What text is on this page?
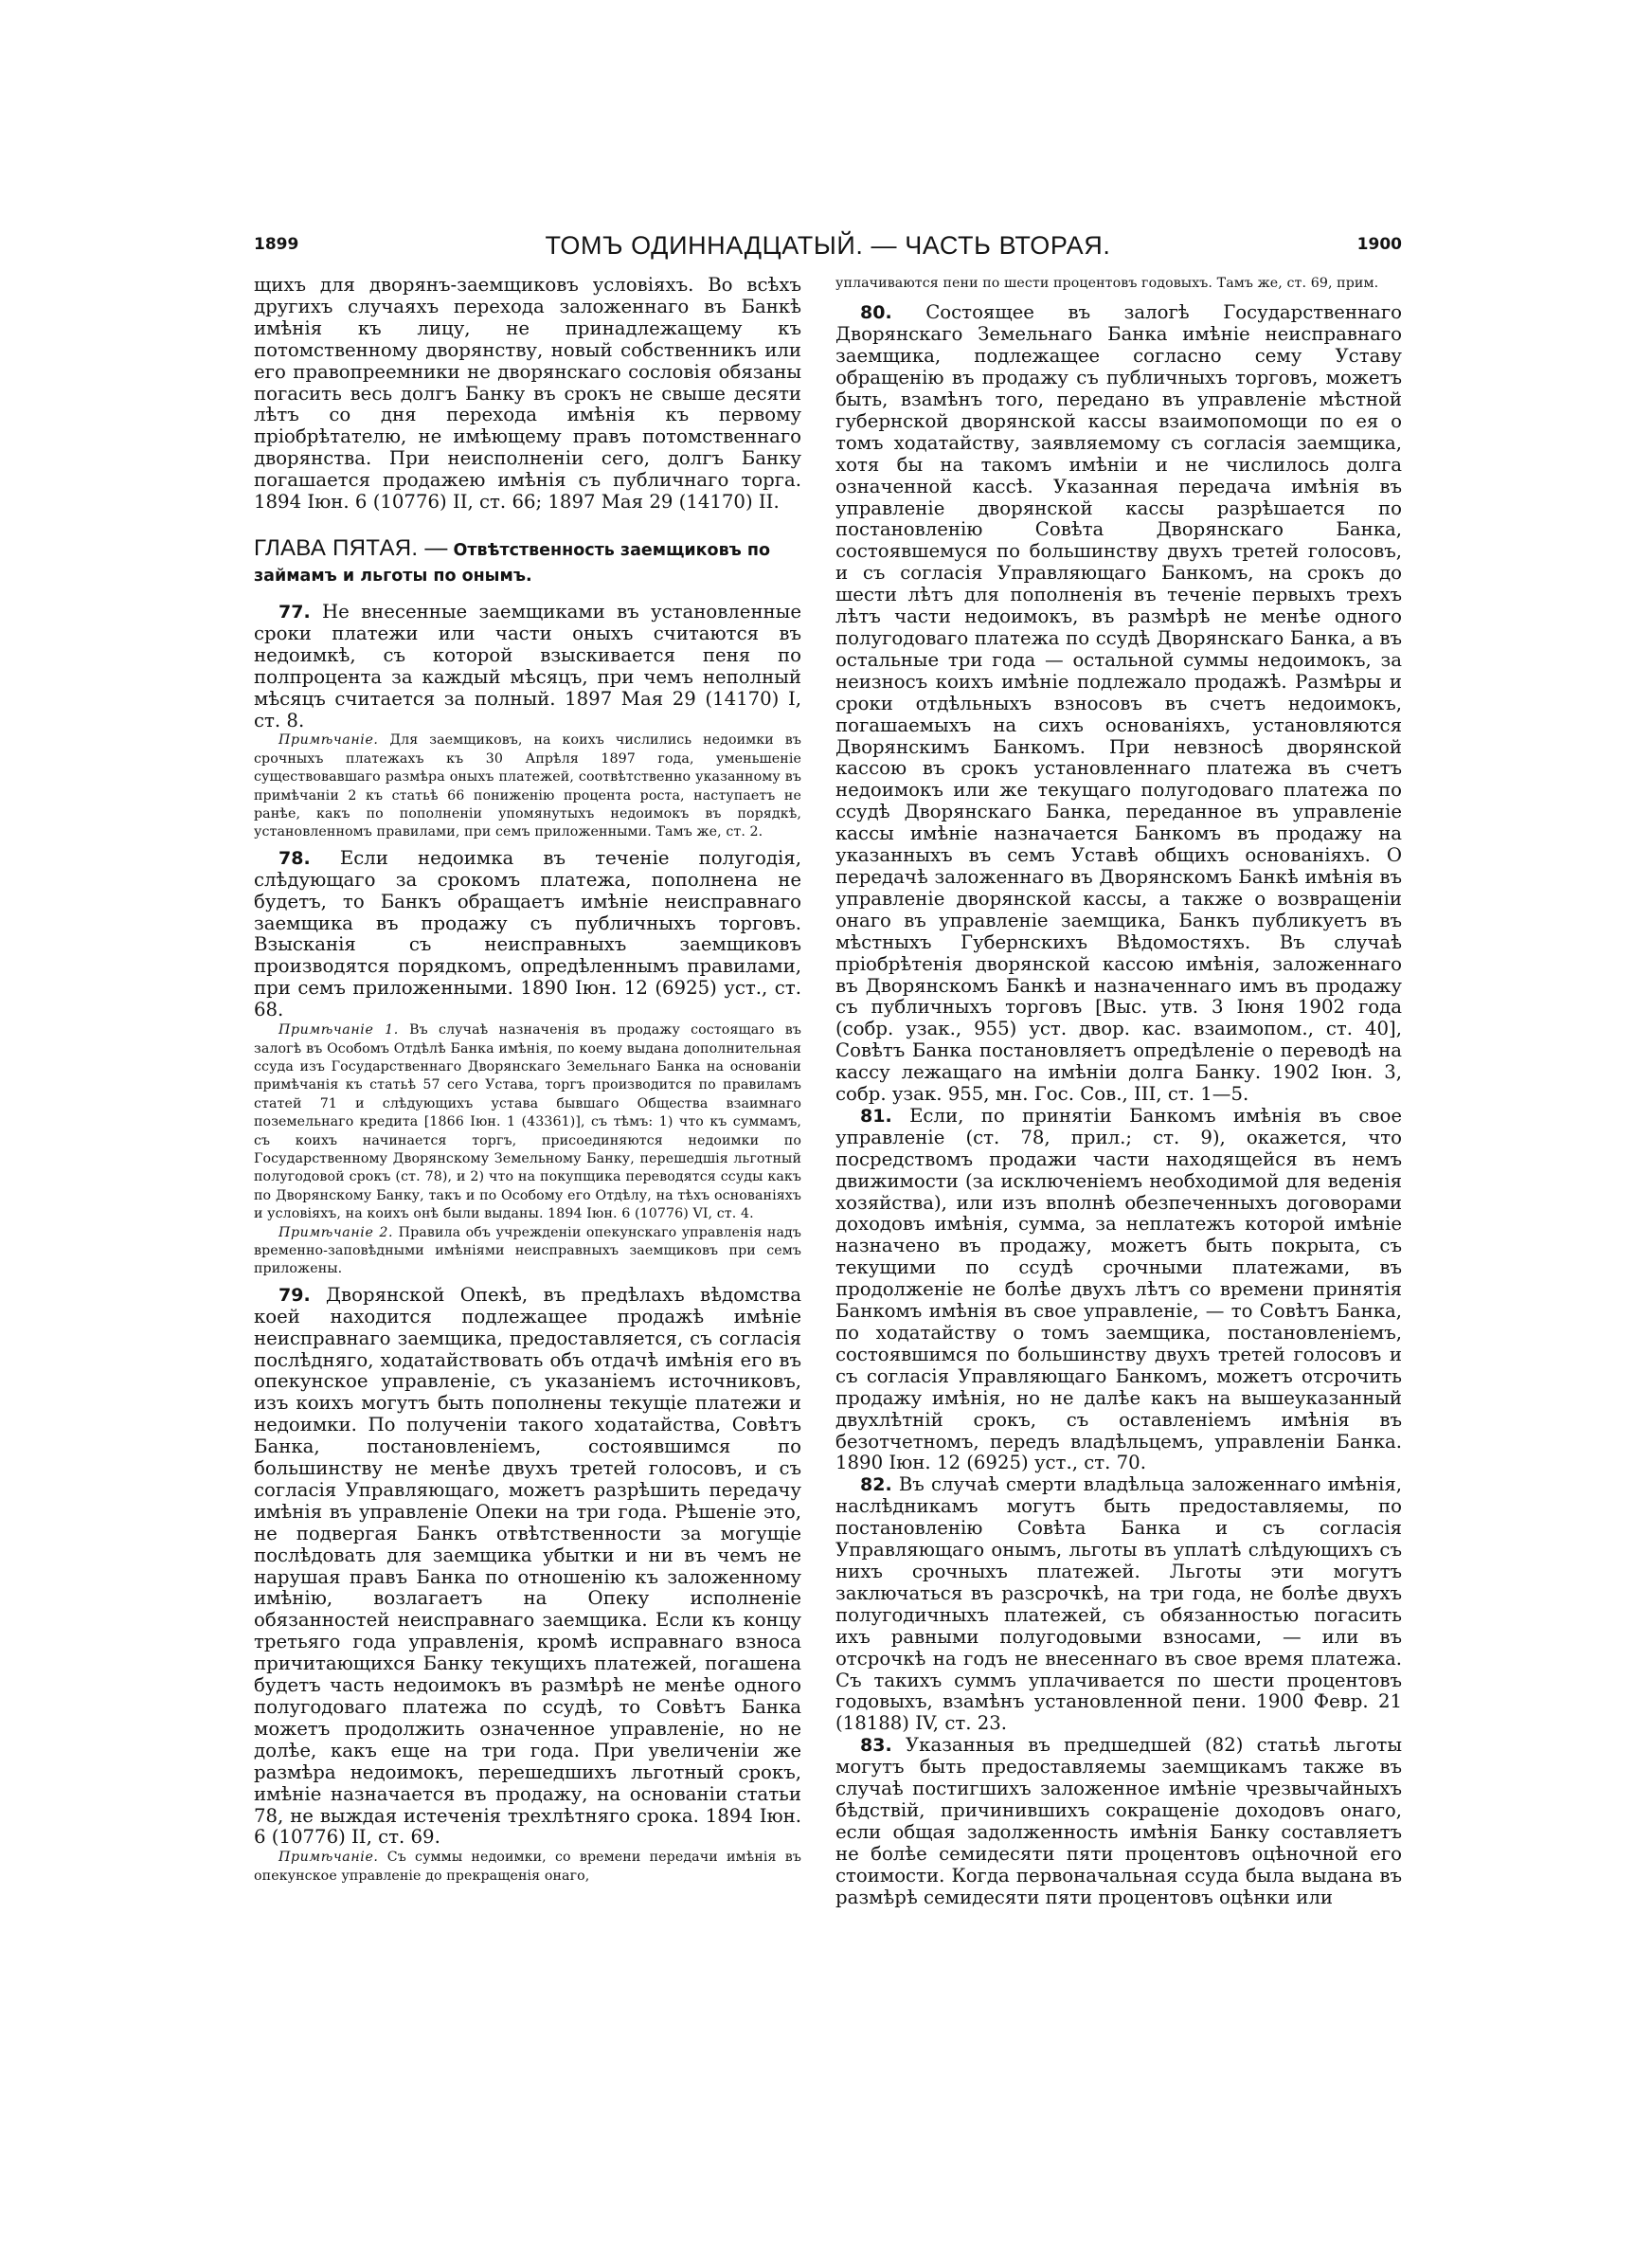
1899	ТОМЪ ОДИННАДЦАТЫЙ. — ЧАСТЬ ВТОРАЯ.	1900

щихъ для дворянъ-заемщиковъ условіяхъ. Во всѣхъ другихъ случаяхъ перехода заложеннаго въ Банкѣ имѣнія къ лицу, не принадлежащему къ потомственному дворянству, новый собственникъ или его правопреемники не дворянскаго сословія обязаны погасить весь долгъ Банку въ срокъ не свыше десяти лѣтъ со дня перехода имѣнія къ первому пріобрѣтателю, не имѣющему правъ потомственнаго дворянства. При неисполненіи сего, долгъ Банку погашается продажею имѣнія съ публичнаго торга. 1894 Іюн. 6 (10776) II, ст. 66; 1897 Мая 29 (14170) II.

ГЛАВА ПЯТАЯ. — Отвѣтственность заемщиковъ по займамъ и льготы по онымъ.

77. Не внесенные заемщиками въ установленные сроки платежи или части оныхъ считаются въ недоимкѣ, съ которой взыскивается пеня по полпроцента за каждый мѣсяцъ, при чемъ неполный мѣсяцъ считается за полный. 1897 Мая 29 (14170) I, ст. 8.

Примѣчаніе. Для заемщиковъ, на коихъ числились недоимки въ срочныхъ платежахъ къ 30 Апрѣля 1897 года, уменьшеніе существовавшаго размѣра оныхъ платежей, соотвѣтственно указанному въ примѣчаніи 2 къ статьѣ 66 пониженію процента роста, наступаетъ не ранѣе, какъ по пополненіи упомянутыхъ недоимокъ въ порядкѣ, установленномъ правилами, при семъ приложенными. Тамъ же, ст. 2.

78. Если недоимка въ теченіе полугодія, слѣдующаго за срокомъ платежа, пополнена не будетъ, то Банкъ обращаетъ имѣніе неисправнаго заемщика въ продажу съ публичныхъ торговъ. Взысканія съ неисправныхъ заемщиковъ производятся порядкомъ, опредѣленнымъ правилами, при семъ приложенными. 1890 Іюн. 12 (6925) уст., ст. 68.

Примѣчаніе 1. Въ случаѣ назначенія въ продажу состоящаго въ залогѣ въ Особомъ Отдѣлѣ Банка имѣнія, по коему выдана дополнительная ссуда изъ Государственнаго Дворянскаго Земельнаго Банка на основаніи примѣчанія къ статьѣ 57 сего Устава, торгъ производится по правиламъ статей 71 и слѣдующихъ устава бывшаго Общества взаимнаго поземельнаго кредита [1866 Іюн. 1 (43361)], съ тѣмъ: 1) что къ суммамъ, съ коихъ начинается торгъ, присоединяются недоимки по Государственному Дворянскому Земельному Банку, перешедшія льготный полугодовой срокъ (ст. 78), и 2) что на покупщика переводятся ссуды какъ по Дворянскому Банку, такъ и по Особому его Отдѣлу, на тѣхъ основаніяхъ и условіяхъ, на коихъ онѣ были выданы. 1894 Іюн. 6 (10776) VI, ст. 4.

Примѣчаніе 2. Правила объ учрежденіи опекунскаго управленія надъ временно-заповѣдными имѣніями неисправныхъ заемщиковъ при семъ приложены.

79. Дворянской Опекѣ, въ предѣлахъ вѣдомства коей находится подлежащее продажѣ имѣніе неисправнаго заемщика, предоставляется, съ согласія послѣдняго, ходатайствовать объ отдачѣ имѣнія его въ опекунское управленіе, съ указаніемъ источниковъ, изъ коихъ могутъ быть пополнены текущіе платежи и недоимки. По полученіи такого ходатайства, Совѣтъ Банка, постановленіемъ, состоявшимся по большинству не менѣе двухъ третей голосовъ, и съ согласія Управляющаго, можетъ разрѣшить передачу имѣнія въ управленіе Опеки на три года. Рѣшеніе это, не подвергая Банкъ отвѣтственности за могущіе послѣдовать для заемщика убытки и ни въ чемъ не нарушая правъ Банка по отношенію къ заложенному имѣнію, возлагаетъ на Опеку исполненіе обязанностей неисправнаго заемщика. Если къ концу третьяго года управленія, кромѣ исправнаго взноса причитающихся Банку текущихъ платежей, погашена будетъ часть недоимокъ въ размѣрѣ не менѣе одного полугодоваго платежа по ссудѣ, то Совѣтъ Банка можетъ продолжить означенное управленіе, но не долѣе, какъ еще на три года. При увеличеніи же размѣра недоимокъ, перешедшихъ льготный срокъ, имѣніе назначается въ продажу, на основаніи статьи 78, не выждая истеченія трехлѣтняго срока. 1894 Іюн. 6 (10776) II, ст. 69.

Примѣчаніе. Съ суммы недоимки, со времени передачи имѣнія въ опекунское управленіе до прекращенія онаго,

уплачиваются пени по шести процентовъ годовыхъ. Тамъ же, ст. 69, прим.

80. Состоящее въ залогѣ Государственнаго Дворянскаго Земельнаго Банка имѣніе неисправнаго заемщика, подлежащее согласно сему Уставу обращенію въ продажу съ публичныхъ торговъ, можетъ быть, взамѣнъ того, передано въ управленіе мѣстной губернской дворянской кассы взаимопомощи по ея о томъ ходатайству, заявляемому съ согласія заемщика, хотя бы на такомъ имѣніи и не числилось долга означенной кассѣ. Указанная передача имѣнія въ управленіе дворянской кассы разрѣшается по постановленію Совѣта Дворянскаго Банка, состоявшемуся по большинству двухъ третей голосовъ, и съ согласія Управляющаго Банкомъ, на срокъ до шести лѣтъ для пополненія въ теченіе первыхъ трехъ лѣтъ части недоимокъ, въ размѣрѣ не менѣе одного полугодоваго платежа по ссудѣ Дворянскаго Банка, а въ остальные три года — остальной суммы недоимокъ, за неизносъ коихъ имѣніе подлежало продажѣ. Размѣры и сроки отдѣльныхъ взносовъ въ счетъ недоимокъ, погашаемыхъ на сихъ основаніяхъ, установляются Дворянскимъ Банкомъ. При невзносѣ дворянской кассою въ срокъ установленнаго платежа въ счетъ недоимокъ или же текущаго полугодоваго платежа по ссудѣ Дворянскаго Банка, переданное въ управленіе кассы имѣніе назначается Банкомъ въ продажу на указанныхъ въ семъ Уставѣ общихъ основаніяхъ. О передачѣ заложеннаго въ Дворянскомъ Банкѣ имѣнія въ управленіе дворянской кассы, а также о возвращеніи онаго въ управленіе заемщика, Банкъ публикуетъ въ мѣстныхъ Губернскихъ Вѣдомостяхъ. Въ случаѣ пріобрѣтенія дворянской кассою имѣнія, заложеннаго въ Дворянскомъ Банкѣ и назначеннаго имъ въ продажу съ публичныхъ торговъ [Выс. утв. 3 Іюня 1902 года (собр. узак., 955) уст. двор. кас. взаимопом., ст. 40], Совѣтъ Банка постановляетъ опредѣленіе о переводѣ на кассу лежащаго на имѣніи долга Банку. 1902 Іюн. 3, собр. узак. 955, мн. Гос. Сов., III, ст. 1—5.

81. Если, по принятіи Банкомъ имѣнія въ свое управленіе (ст. 78, прил.; ст. 9), окажется, что посредствомъ продажи части находящейся въ немъ движимости (за исключеніемъ необходимой для веденія хозяйства), или изъ вполнѣ обезпеченныхъ договорами доходовъ имѣнія, сумма, за неплатежъ которой имѣніе назначено въ продажу, можетъ быть покрыта, съ текущими по ссудѣ срочными платежами, въ продолженіе не болѣе двухъ лѣтъ со времени принятія Банкомъ имѣнія въ свое управленіе, — то Совѣтъ Банка, по ходатайству о томъ заемщика, постановленіемъ, состоявшимся по большинству двухъ третей голосовъ и съ согласія Управляющаго Банкомъ, можетъ отсрочить продажу имѣнія, но не далѣе какъ на вышеуказанный двухлѣтній срокъ, съ оставленіемъ имѣнія въ безотчетномъ, передъ владѣльцемъ, управленіи Банка. 1890 Іюн. 12 (6925) уст., ст. 70.

82. Въ случаѣ смерти владѣльца заложеннаго имѣнія, наслѣдникамъ могутъ быть предоставляемы, по постановленію Совѣта Банка и съ согласія Управляющаго онымъ, льготы въ уплатѣ слѣдующихъ съ нихъ срочныхъ платежей. Льготы эти могутъ заключаться въ разсрочкѣ, на три года, не болѣе двухъ полугодичныхъ платежей, съ обязанностью погасить ихъ равными полугодовыми взносами, — или въ отсрочкѣ на годъ не внесеннаго въ свое время платежа. Съ такихъ суммъ уплачивается по шести процентовъ годовыхъ, взамѣнъ установленной пени. 1900 Февр. 21 (18188) IV, ст. 23.

83. Указанныя въ предшедшей (82) статьѣ льготы могутъ быть предоставляемы заемщикамъ также въ случаѣ постигшихъ заложенное имѣніе чрезвычайныхъ бѣдствій, причинившихъ сокращеніе доходовъ онаго, если общая задолженность имѣнія Банку составляетъ не болѣе семидесяти пяти процентовъ оцѣночной его стоимости. Когда первоначальная ссуда была выдана въ размѣрѣ семидесяти пяти процентовъ оцѣнки или
